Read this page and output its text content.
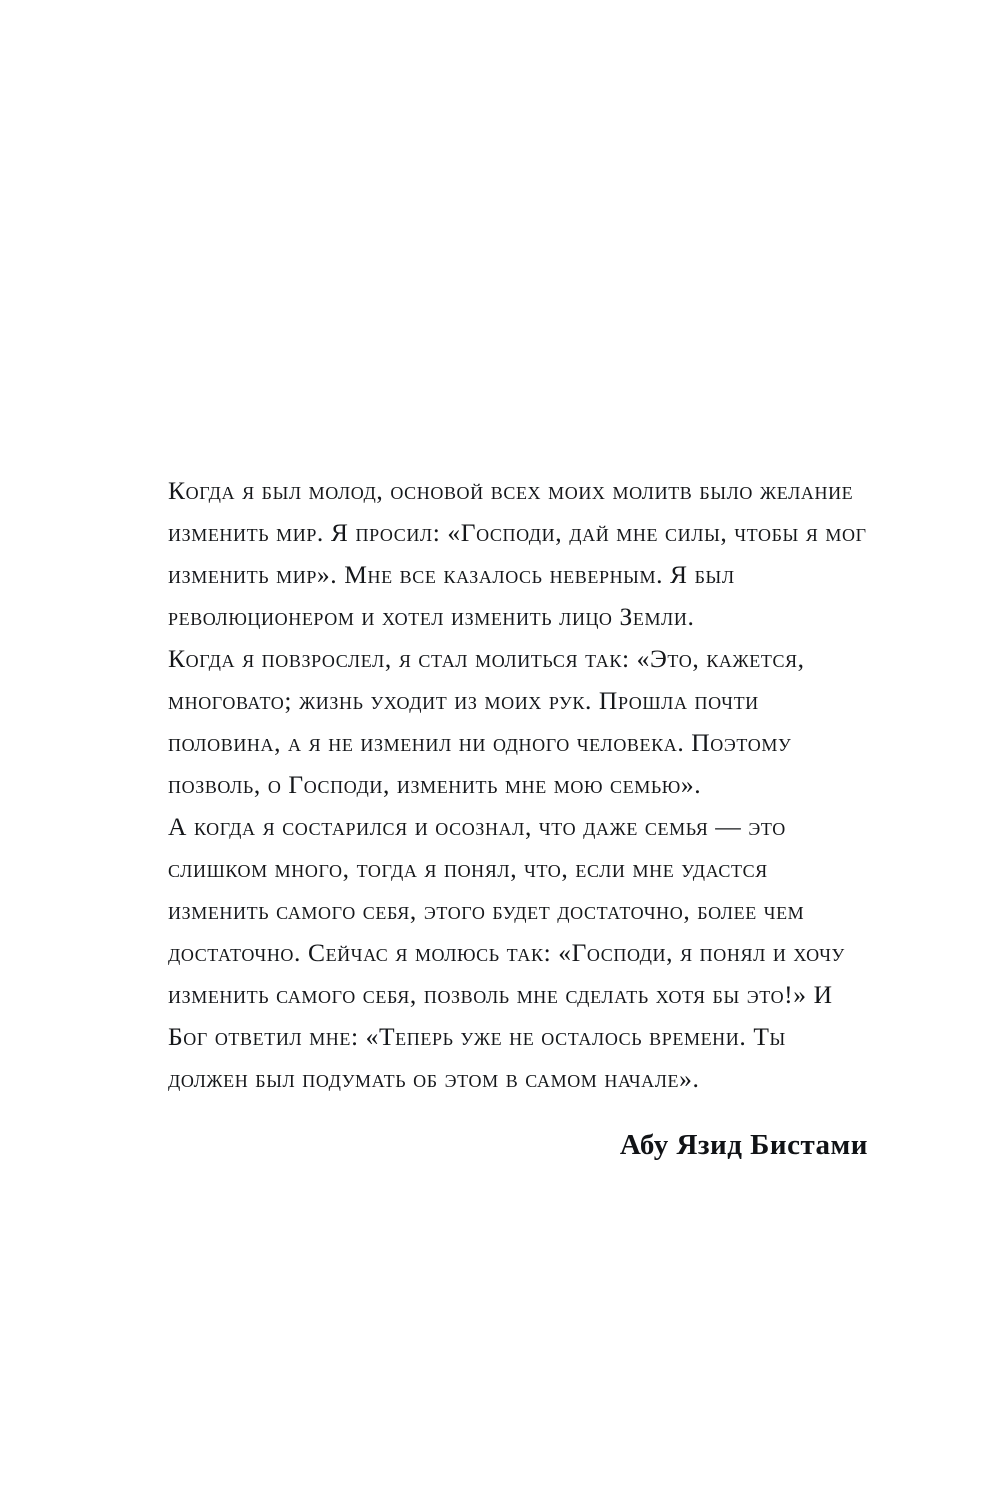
Когда я был молод, основой всех моих молитв было желание изменить мир. Я просил: «Господи, дай мне силы, чтобы я мог изменить мир». Мне все казалось неверным. Я был революционером и хотел изменить лицо Земли.

Когда я повзрослел, я стал молиться так: «Это, кажется, многовато; жизнь уходит из моих рук. Прошла почти половина, а я не изменил ни одного человека. Поэтому позволь, о Господи, изменить мне мою семью».

А когда я состарился и осознал, что даже семья — это слишком много, тогда я понял, что, если мне удастся изменить самого себя, этого будет достаточно, более чем достаточно. Сейчас я молюсь так: «Господи, я понял и хочу изменить самого себя, позволь мне сделать хотя бы это!» И Бог ответил мне: «Теперь уже не осталось времени. Ты должен был подумать об этом в самом начале».

Абу Язид Бистами
